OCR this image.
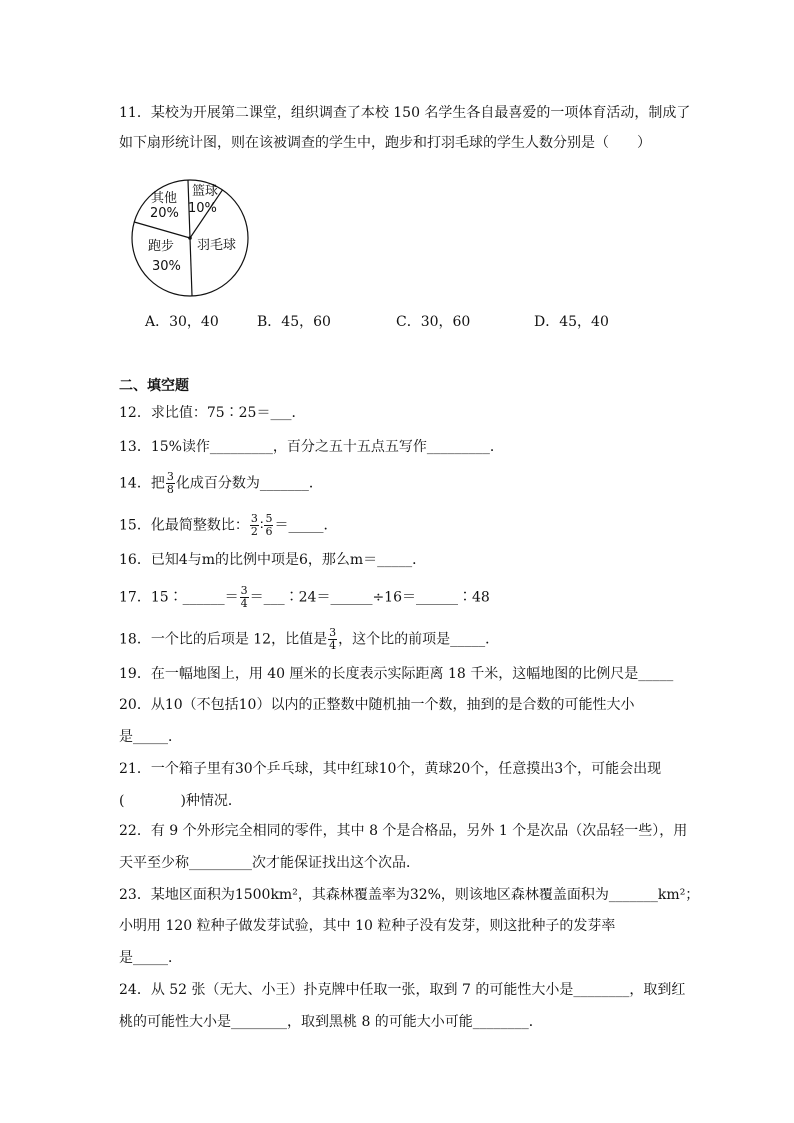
11．某校为开展第二课堂，组织调查了本校 150 名学生各自最喜爱的一项体育活动，制成了
如下扇形统计图，则在该被调查的学生中，跑步和打羽毛球的学生人数分别是（　　）
其他
20%
篮球
10%
羽毛球
跑步
30%
A．30，40	B．45，60	C．30，60	D．45，40
二、填空题
12．求比值：75∶25＝___．
13．15%读作_________，百分之五十五点五写作_________．
14．把 $\frac{3}{8}$ 化成百分数为_______．
15．化最简整数比： $\frac{3}{2}$ ∶ $\frac{5}{6}$ ＝_____．
16．已知4与m的比例中项是6，那么m＝_____．
17．15∶______＝ $\frac{3}{4}$ ＝___∶24＝______÷16＝______∶48
18．一个比的后项是 12，比值是 $\frac{3}{4}$ ，这个比的前项是_____．
19．在一幅地图上，用 40 厘米的长度表示实际距离 18 千米，这幅地图的比例尺是_____
20．从10（不包括10）以内的正整数中随机抽一个数，抽到的是合数的可能性大小
是_____．
21．一个箱子里有30个乒乓球，其中红球10个，黄球20个，任意摸出3个，可能会出现
(　　　　)种情况．
22．有 9 个外形完全相同的零件，其中 8 个是合格品，另外 1 个是次品（次品轻一些），用
天平至少称_________次才能保证找出这个次品．
23．某地区面积为1500km²，其森林覆盖率为32%，则该地区森林覆盖面积为_______km²；
小明用 120 粒种子做发芽试验，其中 10 粒种子没有发芽，则这批种子的发芽率
是_____．
24．从 52 张（无大、小王）扑克牌中任取一张，取到 7 的可能性大小是________，取到红
桃的可能性大小是________，取到黑桃 8 的可能大小可能________．
